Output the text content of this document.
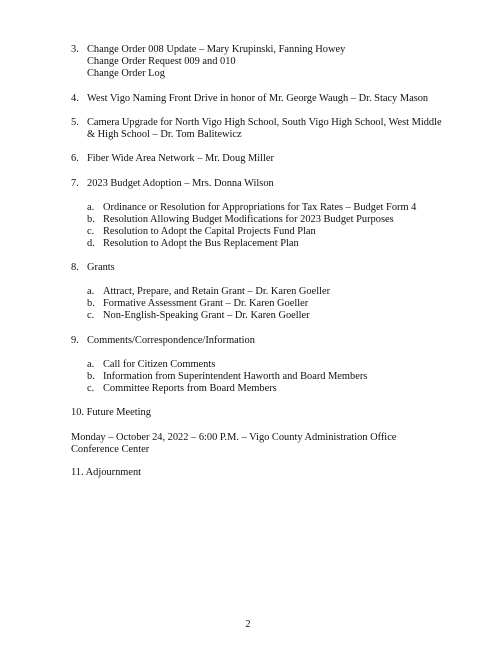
3. Change Order 008 Update – Mary Krupinski, Fanning Howey
Change Order Request 009 and 010
Change Order Log
4. West Vigo Naming Front Drive in honor of Mr. George Waugh – Dr. Stacy Mason
5. Camera Upgrade for North Vigo High School, South Vigo High School, West Middle
& High School – Dr. Tom Balitewicz
6. Fiber Wide Area Network – Mr. Doug Miller
7. 2023 Budget Adoption – Mrs. Donna Wilson
a. Ordinance or Resolution for Appropriations for Tax Rates – Budget Form 4
b. Resolution Allowing Budget Modifications for 2023 Budget Purposes
c. Resolution to Adopt the Capital Projects Fund Plan
d. Resolution to Adopt the Bus Replacement Plan
8. Grants
a. Attract, Prepare, and Retain Grant – Dr. Karen Goeller
b. Formative Assessment Grant – Dr. Karen Goeller
c. Non-English-Speaking Grant – Dr. Karen Goeller
9. Comments/Correspondence/Information
a. Call for Citizen Comments
b. Information from Superintendent Haworth and Board Members
c. Committee Reports from Board Members
10. Future Meeting
Monday – October 24, 2022 – 6:00 P.M. – Vigo County Administration Office
Conference Center
11. Adjournment
2
